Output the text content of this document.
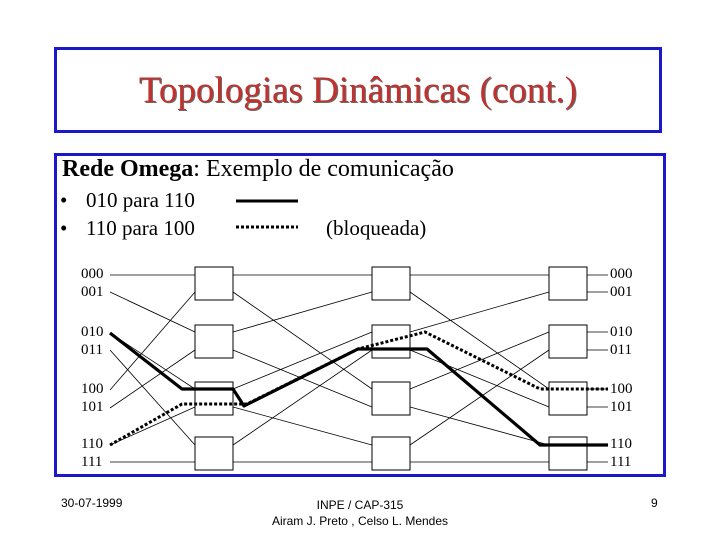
Topologias Dinâmicas (cont.)
Rede Omega: Exemplo de comunicação
• 010 para 110
• 110 para 100	(bloqueada)
000
001
010
011
100
101
110
111
000
001
010
011
100
101
110
111
30-07-1999	INPE / CAP-315
Airam J. Preto , Celso L. Mendes
9
